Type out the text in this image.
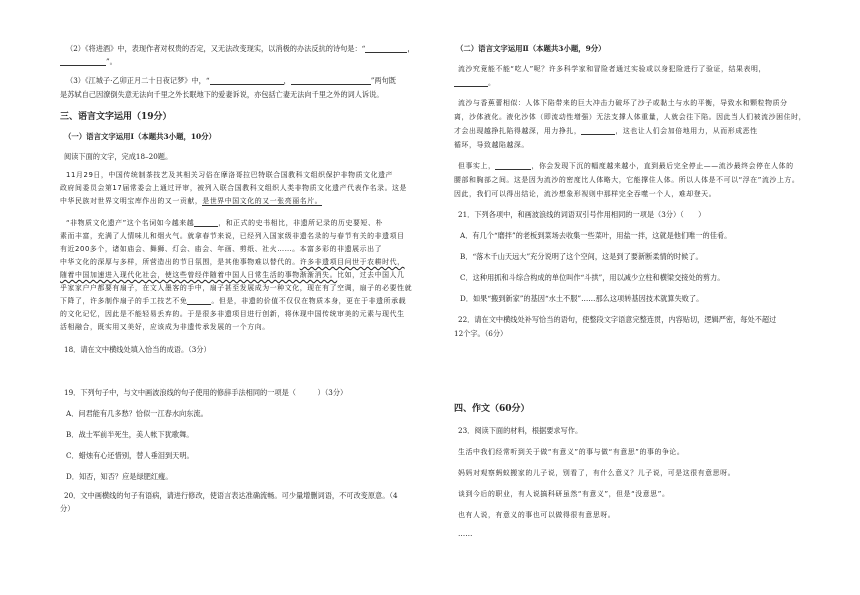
（2）《将进酒》中，表现作者对权贵的否定，又无法改变现实，以消极的办法反抗的诗句是：“	，

”。

（3）《江城子·乙卯正月二十日夜记梦》中，“	，	”两句既

是苏轼自己因潦倒失意无法向千里之外长眠地下的爱妻诉说，亦包括亡妻无法向千里之外的词人诉说。

三、语言文字运用（19分）

（一）语言文字运用Ⅰ（本题共3小题，10分）

阅读下面的文字，完成18–20题。

11月29日，中国传统制茶技艺及其相关习俗在摩洛哥拉巴特联合国教科文组织保护非物质文化遗产

政府间委员会第17届常委会上通过评审，被列入联合国教科文组织人类非物质文化遗产代表作名录。这是

中华民族对世界文明宝库作出的又一贡献，是世界中国文化的又一张亮丽名片。

“非物质文化遗产”这个名词如今越来越	，和正式的史书相比，非遗所记录的历史要短、朴

素而丰富，充满了人情味儿和烟火气。就拿春节来说，已经列入国家级非遗名录的与春节有关的非遗项目

有近200多个，诸如庙会、舞狮、灯会、庙会、年画、剪纸、社火……。本富多彩的非遗展示出了

中华文化的深厚与多样，所营造出的节日氛围，是其他事物难以替代的。许多非遗项目问世于农耕时代，

随着中国加速进入现代化社会，使这些曾经伴随着中国人日常生活的事物渐渐消失。比如，过去中国人几

乎家家户户都要有扇子，在文人墨客的手中，扇子甚至发展成为一种文化，现在有了空调，扇子的必要性就

下降了，许多制作扇子的手工技艺不免	。但是，非遗的价值不仅仅在物质本身，更在于非遗所承载

的文化记忆，因此是不能轻易丢弃的。于是很多非遗项目进行创新，将休现中国传统审美的元素与现代生

活相融合，既实用又美好，应该成为非遗传承发展的一个方向。

18．请在文中横线处填入恰当的成语。（3分）

19．下列句子中，与文中画波浪线的句子使用的修辞手法相同的一项是（　　　）（3分）

A．问君能有几多愁？恰似一江春水向东流。

B．战士军前半死生，美人帐下犹歌舞。

C．蜡烛有心还惜别，替人垂泪到天明。

D．知否，知否？应是绿肥红瘦。

20．文中画横线的句子有语病，请进行修改，使语言表达准确流畅。可少量增删词语，不可改变原意。（4

分）

（二）语言文字运用Ⅱ（本题共3小题，9分）

流沙究竟能不能“吃人”呢？许多科学家和冒险者通过实验或以身犯险进行了验证，结果表明，

。

流沙与香蕉蕾相似：人体下陷带来的巨大冲击力破坏了沙子或黏土与水的平衡，导致水和颗粒物质分

离，沙体液化。液化沙体（即流动性增强）无法支撑人体重量，人就会往下陷。因此当人们被流沙困住时，

才会出现越挣扎陷得越深，用力挣扎，	，这也让人们会加倍地用力，从而形成恶性

循环，导致越陷越深。

但事实上，	，你会发现下沉的幅度越来越小，直到最后完全停止——流沙最终会停在人体的

腰部和胸部之间。这是因为流沙的密度比人体略大，它能撑住人体。所以人体是不可以“浮在”流沙上方。

因此，我们可以得出结论，流沙想象形视则中那样完全吞噬一个人，难却登天。

21．下列各项中，和画波浪线的词语双引号作用相同的一项是（3分）（　　）

A．有几个“磨拌”的老板到菜场去收集一些菜叶，用盐一拌，这就是他们唯一的佳肴。

B．“落木千山天远大”充分说明了这个空间，这是到了要新断柔情的时候了。

C．这种用抓和斗综合构成的单位叫作“斗拱”，用以减少立柱和横梁交接处的剪力。

D．如果“搬到新家”的基因“水土不服”……那么这项转基因技术就算失败了。

22．请在文中横线处补写恰当的语句，使整段文字语意完整连贯，内容贴切，逻辑严密，每处不超过

12个字。（6分）

四、作文（60分）

23．阅读下面的材料，根据要求写作。

生活中我们经常听到关于做“有意义”的事与做“有意思”的事的争论。

妈妈对观察蚂蚁搬家的儿子说，别看了，有什么意义？儿子说，可是这很有意思呀。

谈到今后的职业，有人说搞科研虽然“有意义”，但是“没意思”。

也有人说，有意义的事也可以做得很有意思呀。

……
